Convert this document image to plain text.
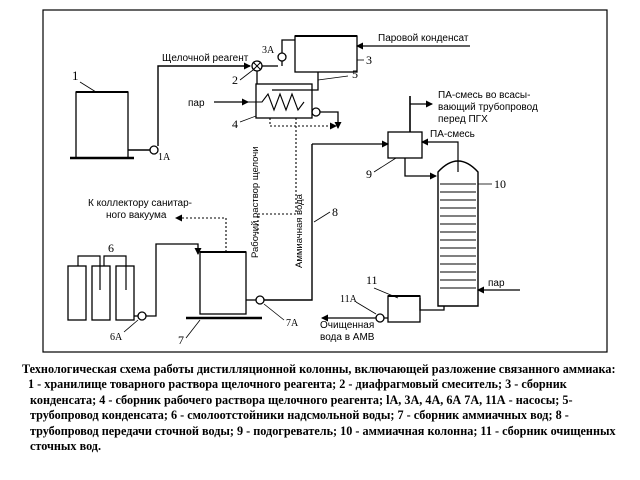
1
1А
Щелочной реагент
2
3А
3
Паровой конденсат
5
пар
4
Рабочий раствор щелочи	9
ПА-смесь во всасы-
вающий трубопровод
перед ПГХ
ПА-смесь
10
пар
11
11А
Очищенная
вода в АМВ
6
6А
К коллектору санитар-
ного вакуума
7
7А
Аммиачная вода 8
Технологическая схема работы дистилляционной колонны, включающей разложение связанного аммиака:
1 - хранилище товарного раствора щелочного реагента; 2 - диафрагмовый смеситель; 3 - сборник
конденсата; 4 - сборник рабочего раствора щелочного реагента; lА, 3А, 4А, 6А 7А, 11А - насосы; 5-
трубопровод конденсата; 6 - смолоотстойники надсмольной воды; 7 - сборник аммиачных вод; 8 -
трубопровод передачи сточной воды; 9 - подогреватель; 10 - аммиачная колонна; 11 - сборник очищенных
сточных вод.
